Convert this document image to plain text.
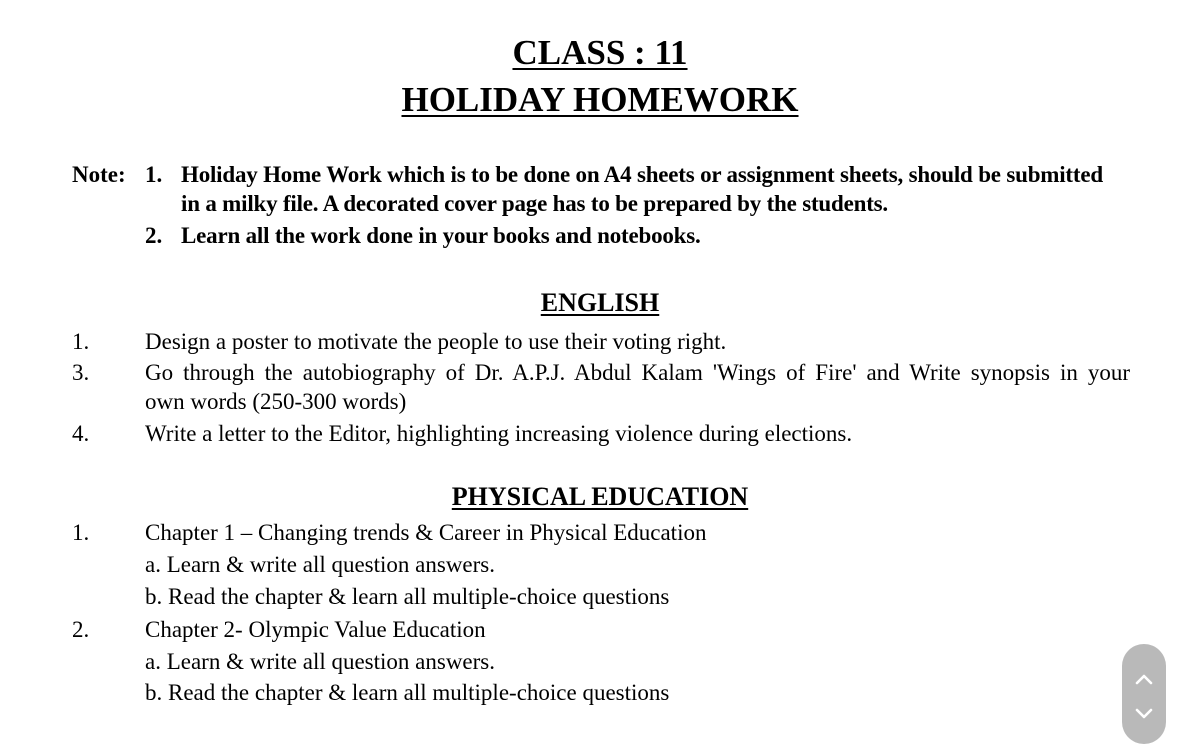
CLASS : 11
HOLIDAY HOMEWORK
Note: 1. Holiday Home Work which is to be done on A4 sheets or assignment sheets, should be submitted
in a milky file. A decorated cover page has to be prepared by the students.
2. Learn all the work done in your books and notebooks.
ENGLISH
1. Design a poster to motivate the people to use their voting right.
3. Go through the autobiography of Dr. A.P.J. Abdul Kalam 'Wings of Fire' and Write synopsis in your
own words (250-300 words)
4. Write a letter to the Editor, highlighting increasing violence during elections.
PHYSICAL EDUCATION
1. Chapter 1 – Changing trends & Career in Physical Education
a. Learn & write all question answers.
b. Read the chapter & learn all multiple-choice questions
2. Chapter 2- Olympic Value Education
a. Learn & write all question answers.
b. Read the chapter & learn all multiple-choice questions
